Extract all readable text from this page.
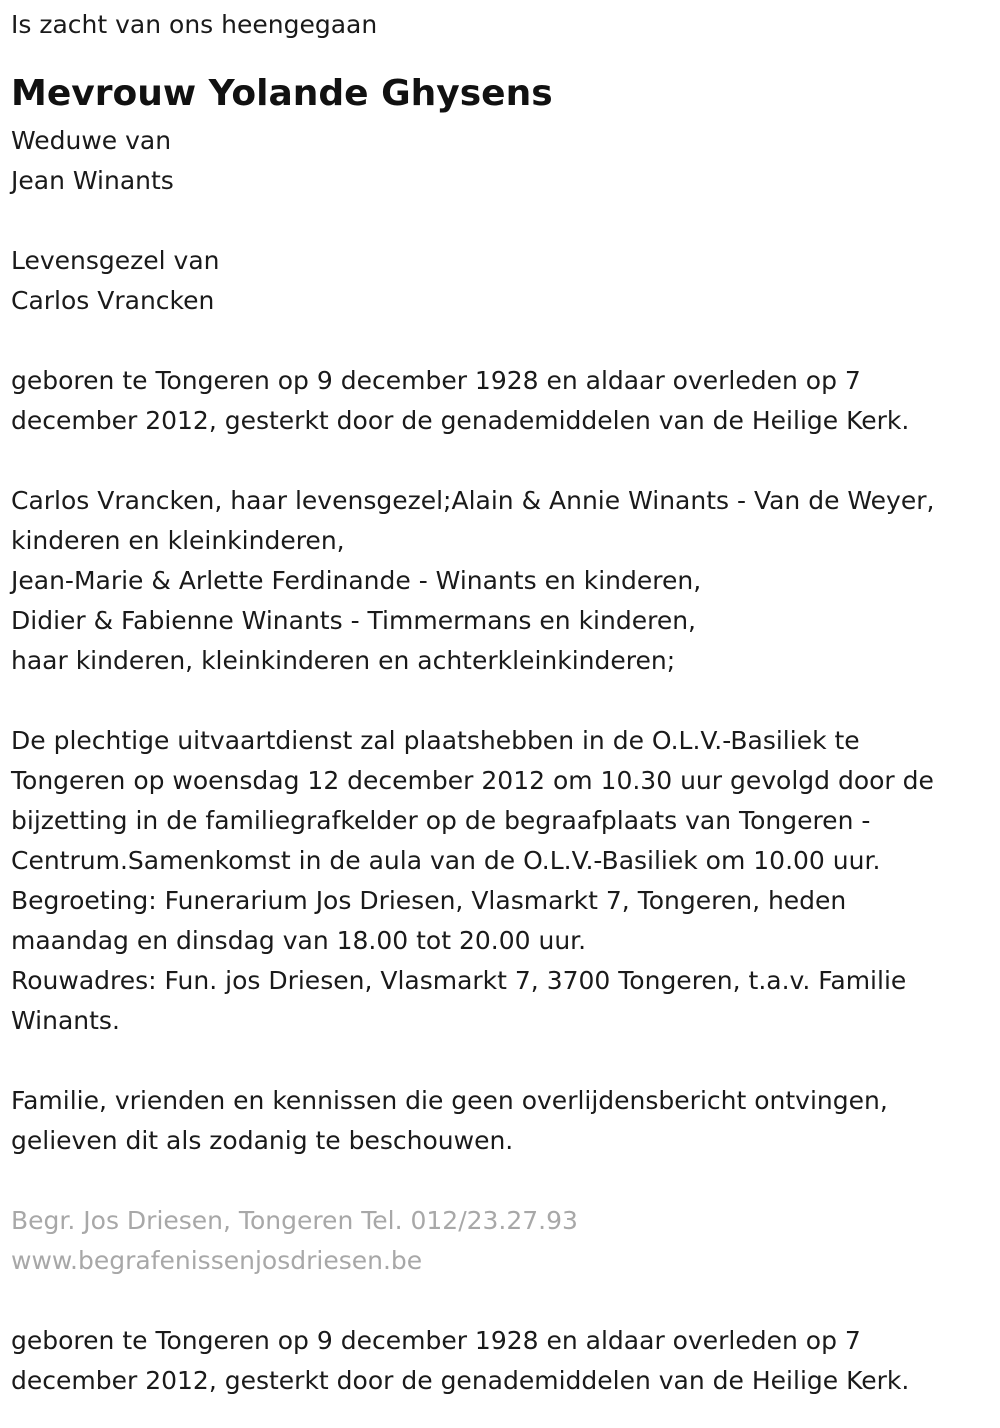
Is zacht van ons heengegaan

Mevrouw Yolande Ghysens

Weduwe van

Jean Winants

Levensgezel van

Carlos Vrancken

geboren te Tongeren op 9 december 1928 en aldaar overleden op 7

december 2012, gesterkt door de genademiddelen van de Heilige Kerk.

Carlos Vrancken, haar levensgezel;Alain & Annie Winants - Van de Weyer,

kinderen en kleinkinderen,

Jean-Marie & Arlette Ferdinande - Winants en kinderen,

Didier & Fabienne Winants - Timmermans en kinderen,

haar kinderen, kleinkinderen en achterkleinkinderen;

De plechtige uitvaartdienst zal plaatshebben in de O.L.V.-Basiliek te

Tongeren op woensdag 12 december 2012 om 10.30 uur gevolgd door de

bijzetting in de familiegrafkelder op de begraafplaats van Tongeren -

Centrum.Samenkomst in de aula van de O.L.V.-Basiliek om 10.00 uur.

Begroeting: Funerarium Jos Driesen, Vlasmarkt 7, Tongeren, heden

maandag en dinsdag van 18.00 tot 20.00 uur.

Rouwadres: Fun. jos Driesen, Vlasmarkt 7, 3700 Tongeren, t.a.v. Familie

Winants.

Familie, vrienden en kennissen die geen overlijdensbericht ontvingen,

gelieven dit als zodanig te beschouwen.

Begr. Jos Driesen, Tongeren Tel. 012/23.27.93

www.begrafenissenjosdriesen.be

geboren te Tongeren op 9 december 1928 en aldaar overleden op 7

december 2012, gesterkt door de genademiddelen van de Heilige Kerk.
